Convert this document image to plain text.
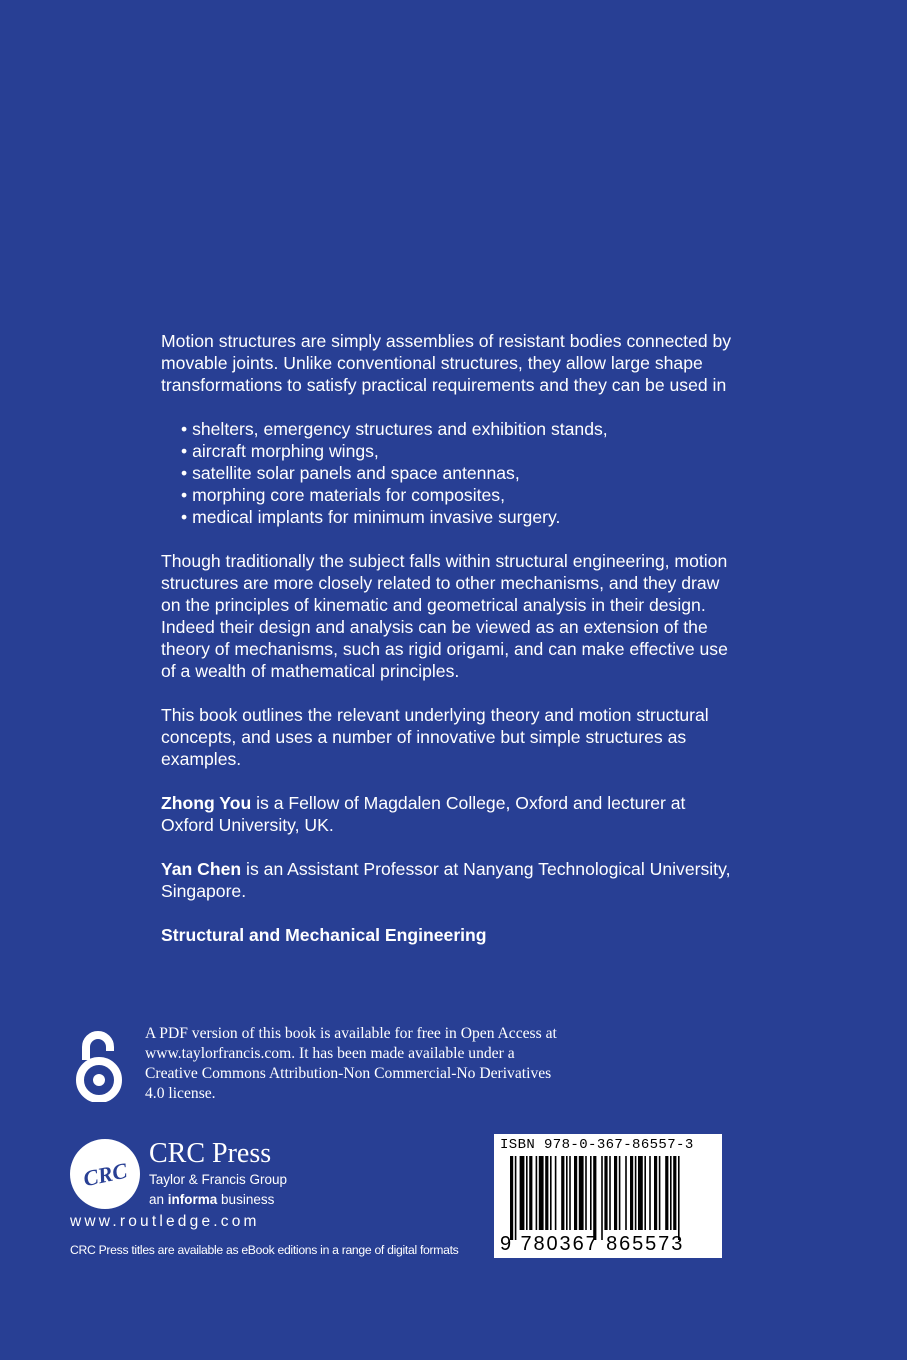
Motion structures are simply assemblies of resistant bodies connected by movable joints. Unlike conventional structures, they allow large shape transformations to satisfy practical requirements and they can be used in

• shelters, emergency structures and exhibition stands,
• aircraft morphing wings,
• satellite solar panels and space antennas,
• morphing core materials for composites,
• medical implants for minimum invasive surgery.

Though traditionally the subject falls within structural engineering, motion structures are more closely related to other mechanisms, and they draw on the principles of kinematic and geometrical analysis in their design. Indeed their design and analysis can be viewed as an extension of the theory of mechanisms, such as rigid origami, and can make effective use of a wealth of mathematical principles.

This book outlines the relevant underlying theory and motion structural concepts, and uses a number of innovative but simple structures as examples.

Zhong You is a Fellow of Magdalen College, Oxford and lecturer at Oxford University, UK.

Yan Chen is an Assistant Professor at Nanyang Technological University, Singapore.

Structural and Mechanical Engineering

A PDF version of this book is available for free in Open Access at www.taylorfrancis.com. It has been made available under a Creative Commons Attribution-Non Commercial-No Derivatives 4.0 license.
CRC
CRC Press
Taylor & Francis Group
an informa business
www.routledge.com
CRC Press titles are available as eBook editions in a range of digital formats
ISBN 978-0-367-86557-3
9 780367 865573
